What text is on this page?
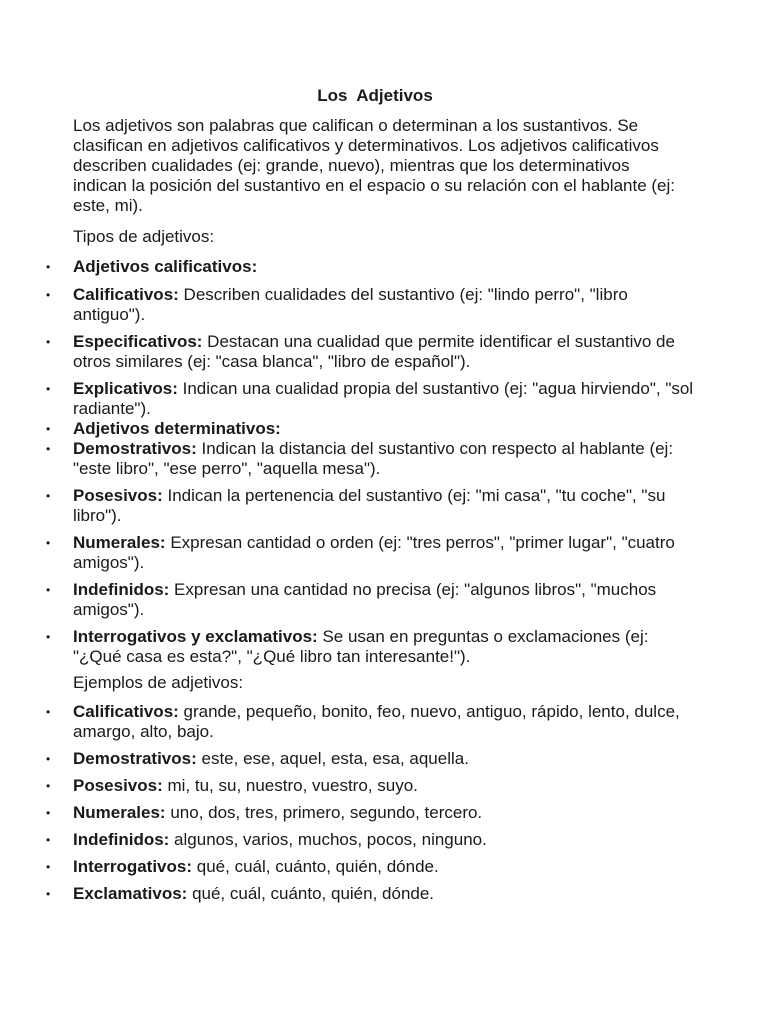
Los  Adjetivos

Los adjetivos son palabras que califican o determinan a los sustantivos. Se clasifican en adjetivos calificativos y determinativos. Los adjetivos calificativos describen cualidades (ej: grande, nuevo), mientras que los determinativos indican la posición del sustantivo en el espacio o su relación con el hablante (ej: este, mi).

Tipos de adjetivos:

• Adjetivos calificativos:
• Calificativos: Describen cualidades del sustantivo (ej: "lindo perro", "libro antiguo").
• Especificativos: Destacan una cualidad que permite identificar el sustantivo de otros similares (ej: "casa blanca", "libro de español").
• Explicativos: Indican una cualidad propia del sustantivo (ej: "agua hirviendo", "sol radiante").
• Adjetivos determinativos:
• Demostrativos: Indican la distancia del sustantivo con respecto al hablante (ej: "este libro", "ese perro", "aquella mesa").
• Posesivos: Indican la pertenencia del sustantivo (ej: "mi casa", "tu coche", "su libro").
• Numerales: Expresan cantidad o orden (ej: "tres perros", "primer lugar", "cuatro amigos").
• Indefinidos: Expresan una cantidad no precisa (ej: "algunos libros", "muchos amigos").
• Interrogativos y exclamativos: Se usan en preguntas o exclamaciones (ej: "¿Qué casa es esta?", "¿Qué libro tan interesante!").

Ejemplos de adjetivos:

• Calificativos: grande, pequeño, bonito, feo, nuevo, antiguo, rápido, lento, dulce, amargo, alto, bajo.
• Demostrativos: este, ese, aquel, esta, esa, aquella.
• Posesivos: mi, tu, su, nuestro, vuestro, suyo.
• Numerales: uno, dos, tres, primero, segundo, tercero.
• Indefinidos: algunos, varios, muchos, pocos, ninguno.
• Interrogativos: qué, cuál, cuánto, quién, dónde.
• Exclamativos: qué, cuál, cuánto, quién, dónde.
